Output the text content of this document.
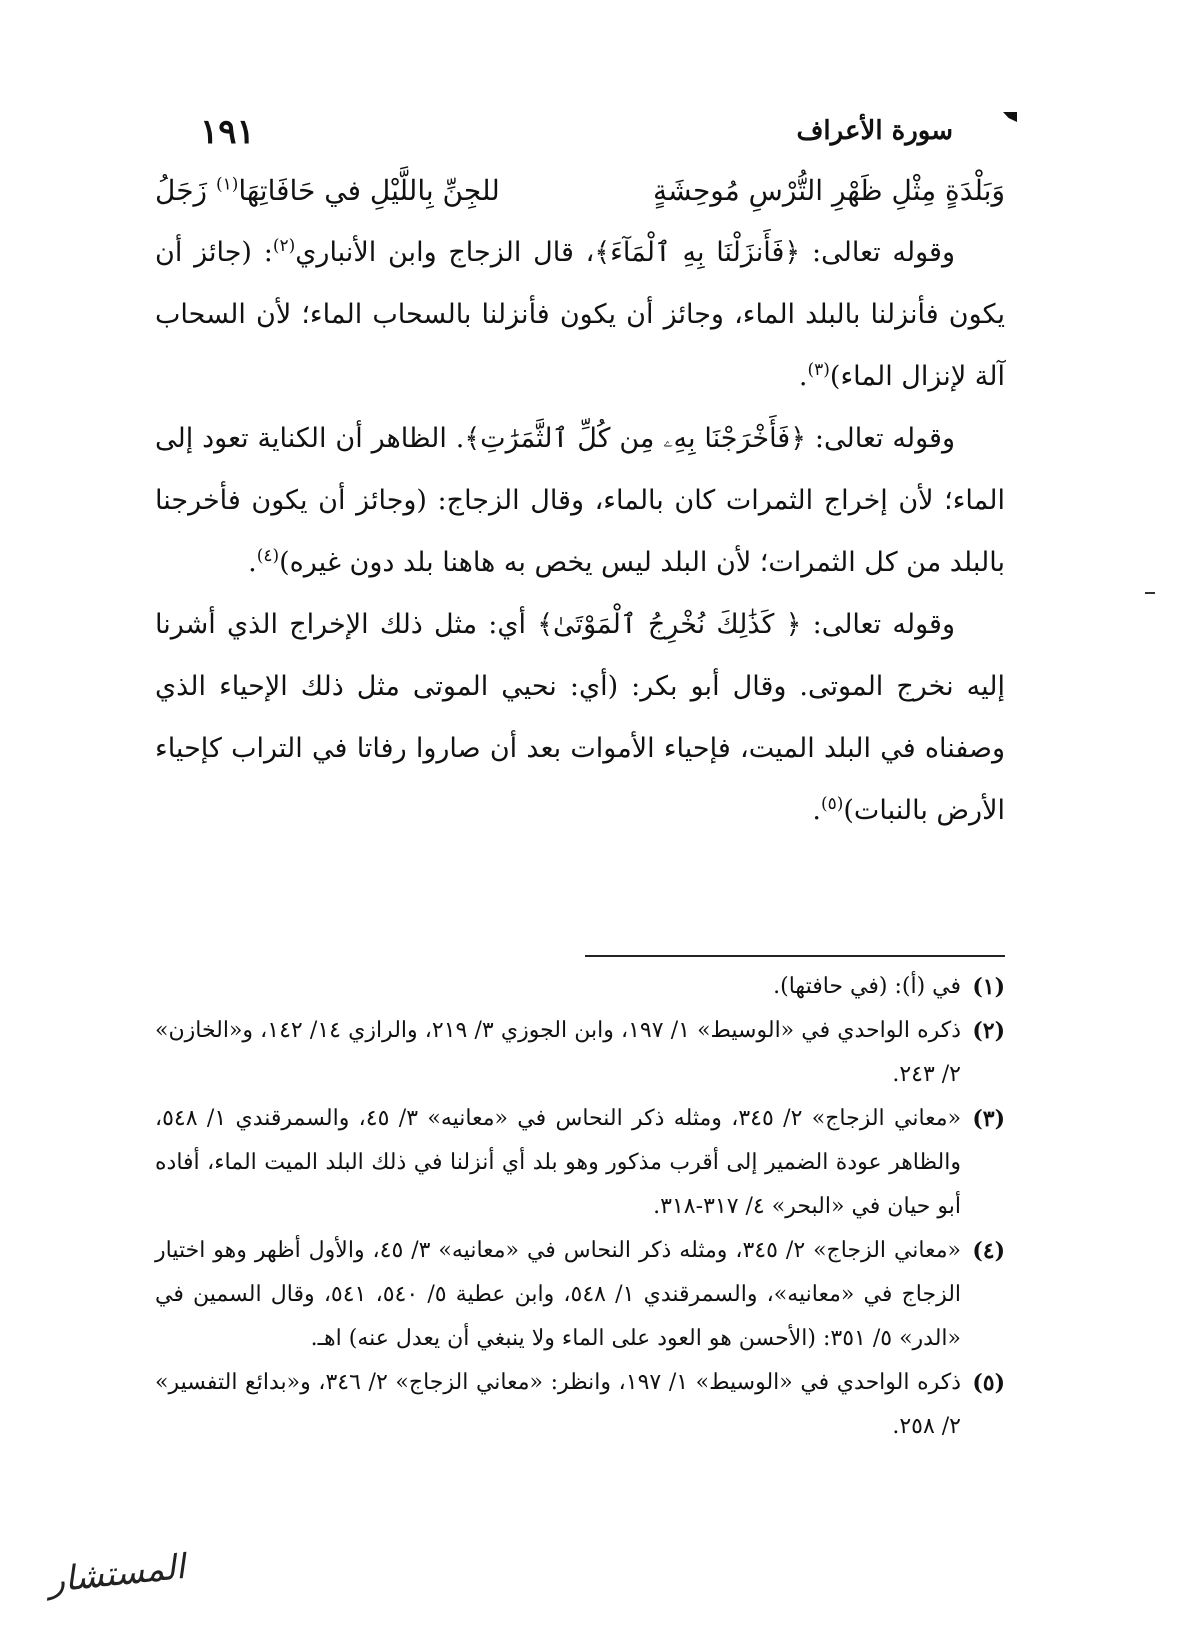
سورة الأعراف
١٩١
وَبَلْدَةٍ مِثْلِ ظَهْرِ التُّرْسِ مُوحِشَةٍ
للجِنِّ بِاللَّيْلِ في حَافَاتِهَا$^{(١)}$ زَجَلُ

وقوله تعالى: ﴿فَأَنزَلْنَا بِهِ ٱلْمَآءَ﴾، قال الزجاج وابن الأنباري$^{(٢)}$: (جائز أن يكون فأنزلنا بالبلد الماء، وجائز أن يكون فأنزلنا بالسحاب الماء؛ لأن السحاب آلة لإنزال الماء)$^{(٣)}$.

وقوله تعالى: ﴿فَأَخْرَجْنَا بِهِۦ مِن كُلِّ ٱلثَّمَرَٰتِ﴾. الظاهر أن الكناية تعود إلى الماء؛ لأن إخراج الثمرات كان بالماء، وقال الزجاج: (وجائز أن يكون فأخرجنا بالبلد من كل الثمرات؛ لأن البلد ليس يخص به هاهنا بلد دون غيره)$^{(٤)}$.

وقوله تعالى: ﴿ كَذَٰلِكَ نُخْرِجُ ٱلْمَوْتَىٰ﴾ أي: مثل ذلك الإخراج الذي أشرنا إليه نخرج الموتى. وقال أبو بكر: (أي: نحيي الموتى مثل ذلك الإحياء الذي وصفناه في البلد الميت، فإحياء الأموات بعد أن صاروا رفاتا في التراب كإحياء الأرض بالنبات)$^{(٥)}$.

(١)
في (أ): (في حافتها).
(٢)
ذكره الواحدي في «الوسيط» ١/ ١٩٧، وابن الجوزي ٣/ ٢١٩، والرازي ١٤/ ١٤٢، و«الخازن» ٢/ ٢٤٣.
(٣)
«معاني الزجاج» ٢/ ٣٤٥، ومثله ذكر النحاس في «معانيه» ٣/ ٤٥، والسمرقندي ١/ ٥٤٨، والظاهر عودة الضمير إلى أقرب مذكور وهو بلد أي أنزلنا في ذلك البلد الميت الماء، أفاده أبو حيان في «البحر» ٤/ ٣١٧-٣١٨.
(٤)
«معاني الزجاج» ٢/ ٣٤٥، ومثله ذكر النحاس في «معانيه» ٣/ ٤٥، والأول أظهر وهو اختيار الزجاج في «معانيه»، والسمرقندي ١/ ٥٤٨، وابن عطية ٥/ ٥٤٠، ٥٤١، وقال السمين في «الدر» ٥/ ٣٥١: (الأحسن هو العود على الماء ولا ينبغي أن يعدل عنه) اهـ.
(٥)
ذكره الواحدي في «الوسيط» ١/ ١٩٧، وانظر: «معاني الزجاج» ٢/ ٣٤٦، و«بدائع التفسير» ٢/ ٢٥٨.
المستشار
